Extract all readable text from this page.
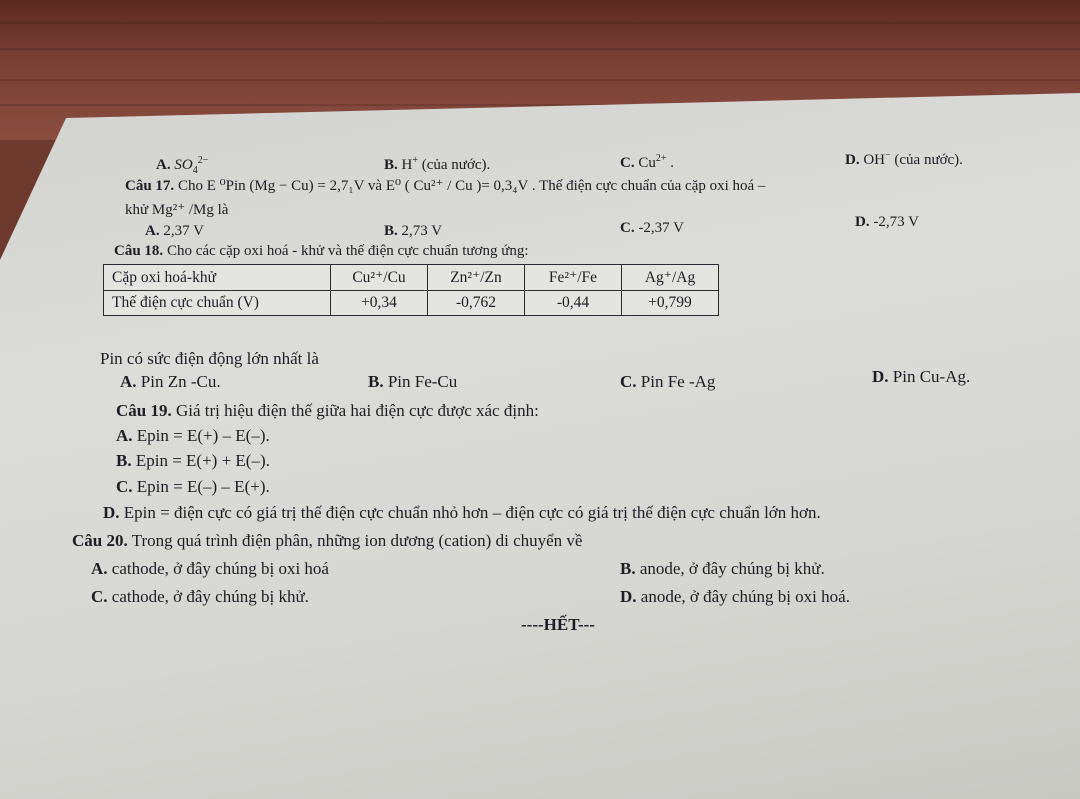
A. $SO_4^{2-}$	B. H+ (của nước).	C. $Cu^{2+}$ .	D. OH− (của nước).
Câu 17. Cho E ⁰Pin (Mg − Cu) = 2,7₁V và E⁰ ( Cu²⁺ / Cu )= 0,3₄V . Thế điện cực chuẩn của cặp oxi hoá –
khử Mg²⁺ /Mg là
A. 2,37 V	B. 2,73 V	C. -2,37 V	D. -2,73 V
Câu 18. Cho các cặp oxi hoá - khử và thế điện cực chuẩn tương ứng:
Cặp oxi hoá-khử	Cu²⁺/Cu	Zn²⁺/Zn	Fe²⁺/Fe	Ag⁺/Ag
Thế điện cực chuẩn (V)	+0,34	-0,762	-0,44	+0,799
Pin có sức điện động lớn nhất là
A. Pin Zn -Cu.	B. Pin Fe-Cu	C. Pin Fe -Ag	D. Pin Cu-Ag.
Câu 19. Giá trị hiệu điện thế giữa hai điện cực được xác định:
A. Epin = E(+) – E(–).
B. Epin = E(+) + E(–).
C. Epin = E(–) – E(+).
D. Epin = điện cực có giá trị thế điện cực chuẩn nhỏ hơn – điện cực có giá trị thế điện cực chuẩn lớn hơn.
Câu 20. Trong quá trình điện phân, những ion dương (cation) di chuyển về
A. cathode, ở đây chúng bị oxi hoá	B. anode, ở đây chúng bị khử.
C. cathode, ở đây chúng bị khử.	D. anode, ở đây chúng bị oxi hoá.
----HẾT---
